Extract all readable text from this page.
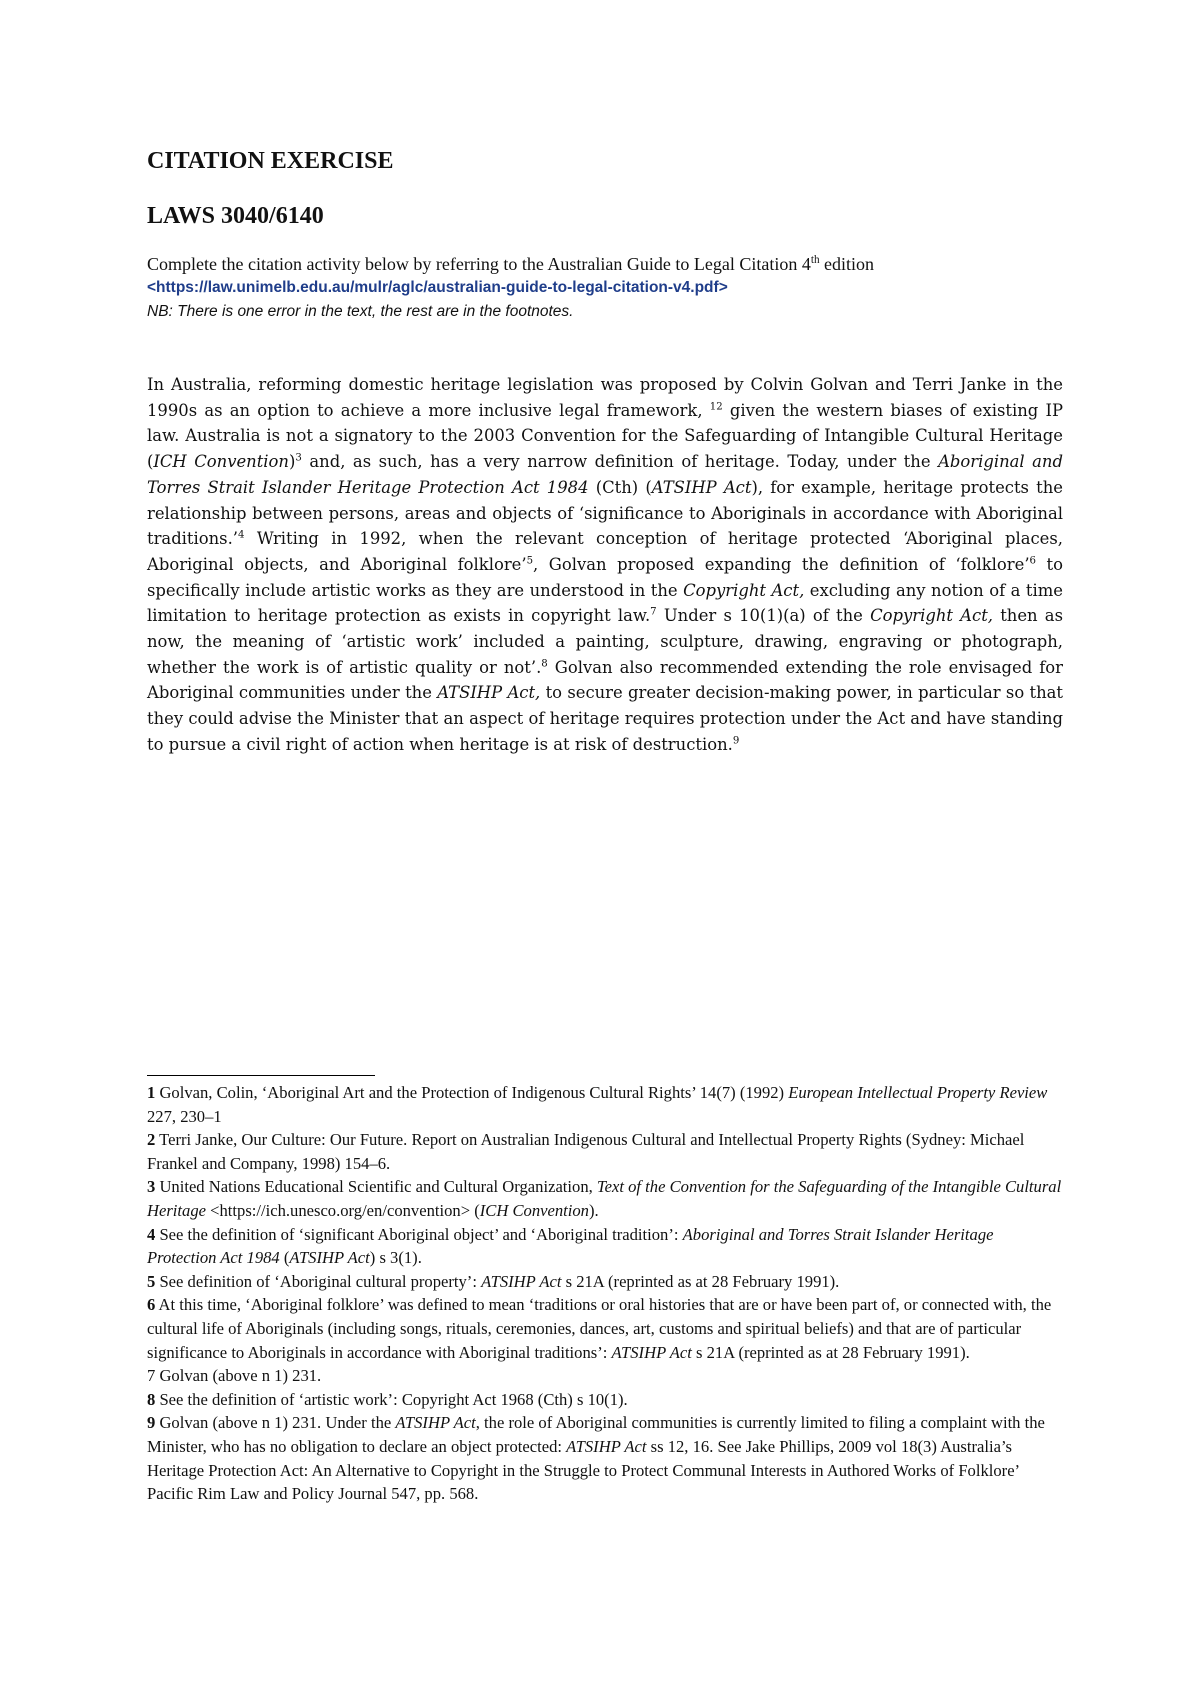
CITATION EXERCISE
LAWS 3040/6140
Complete the citation activity below by referring to the Australian Guide to Legal Citation 4th edition
<https://law.unimelb.edu.au/mulr/aglc/australian-guide-to-legal-citation-v4.pdf>
NB: There is one error in the text, the rest are in the footnotes.

In Australia, reforming domestic heritage legislation was proposed by Colvin Golvan and Terri Janke in the 1990s as an option to achieve a more inclusive legal framework, $^{12}$ given the western biases of existing IP law. Australia is not a signatory to the 2003 Convention for the Safeguarding of Intangible Cultural Heritage (ICH Convention)$^3$ and, as such, has a very narrow definition of heritage. Today, under the Aboriginal and Torres Strait Islander Heritage Protection Act 1984 (Cth) (ATSIHP Act), for example, heritage protects the relationship between persons, areas and objects of ‘significance to Aboriginals in accordance with Aboriginal traditions.’$^4$ Writing in 1992, when the relevant conception of heritage protected ‘Aboriginal places, Aboriginal objects, and Aboriginal folklore’$^5$, Golvan proposed expanding the definition of ‘folklore’$^6$ to specifically include artistic works as they are understood in the Copyright Act, excluding any notion of a time limitation to heritage protection as exists in copyright law.$^7$ Under s 10(1)(a) of the Copyright Act, then as now, the meaning of ‘artistic work’ included a painting, sculpture, drawing, engraving or photograph, whether the work is of artistic quality or not’.$^8$ Golvan also recommended extending the role envisaged for Aboriginal communities under the ATSIHP Act, to secure greater decision-making power, in particular so that they could advise the Minister that an aspect of heritage requires protection under the Act and have standing to pursue a civil right of action when heritage is at risk of destruction.$^9$

1 Golvan, Colin, ‘Aboriginal Art and the Protection of Indigenous Cultural Rights’ 14(7) (1992) European Intellectual Property Review 227, 230–1

2 Terri Janke, Our Culture: Our Future. Report on Australian Indigenous Cultural and Intellectual Property Rights (Sydney: Michael Frankel and Company, 1998) 154–6.

3 United Nations Educational Scientific and Cultural Organization, Text of the Convention for the Safeguarding of the Intangible Cultural Heritage <https://ich.unesco.org/en/convention> (ICH Convention).

4 See the definition of ‘significant Aboriginal object’ and ‘Aboriginal tradition’: Aboriginal and Torres Strait Islander Heritage Protection Act 1984 (ATSIHP Act) s 3(1).

5 See definition of ‘Aboriginal cultural property’: ATSIHP Act s 21A (reprinted as at 28 February 1991).

6 At this time, ‘Aboriginal folklore’ was defined to mean ‘traditions or oral histories that are or have been part of, or connected with, the cultural life of Aboriginals (including songs, rituals, ceremonies, dances, art, customs and spiritual beliefs) and that are of particular significance to Aboriginals in accordance with Aboriginal traditions’: ATSIHP Act s 21A (reprinted as at 28 February 1991).

7 Golvan (above n 1) 231.

8 See the definition of ‘artistic work’: Copyright Act 1968 (Cth) s 10(1).

9 Golvan (above n 1) 231. Under the ATSIHP Act, the role of Aboriginal communities is currently limited to filing a complaint with the Minister, who has no obligation to declare an object protected: ATSIHP Act ss 12, 16. See Jake Phillips, 2009 vol 18(3) Australia’s Heritage Protection Act: An Alternative to Copyright in the Struggle to Protect Communal Interests in Authored Works of Folklore’ Pacific Rim Law and Policy Journal 547, pp. 568.
